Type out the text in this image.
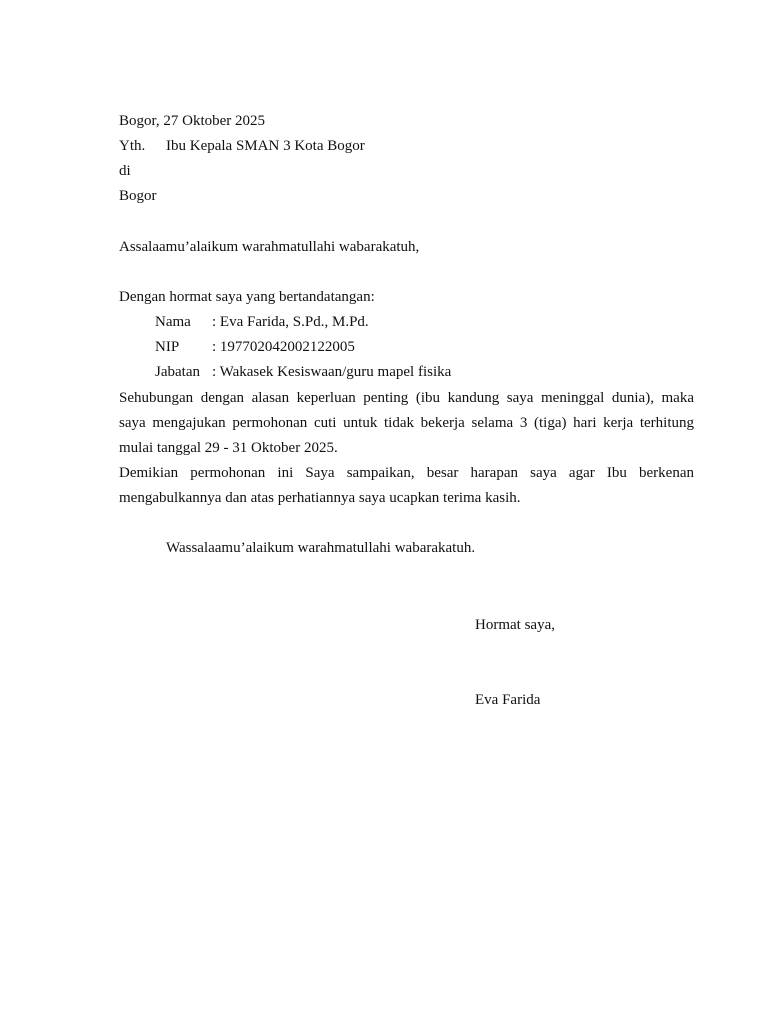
Bogor, 27 Oktober 2025
Yth. Ibu Kepala SMAN 3 Kota Bogor
di
Bogor
Assalaamu’alaikum warahmatullahi wabarakatuh,
Dengan hormat saya yang bertandatangan:
Nama : Eva Farida, S.Pd., M.Pd.
NIP : 197702042002122005
Jabatan : Wakasek Kesiswaan/guru mapel fisika
Sehubungan dengan alasan keperluan penting (ibu kandung saya meninggal dunia), maka
saya mengajukan permohonan cuti untuk tidak bekerja selama 3 (tiga) hari kerja terhitung
mulai tanggal 29 - 31 Oktober 2025.
Demikian permohonan ini Saya sampaikan, besar harapan saya agar Ibu berkenan
mengabulkannya dan atas perhatiannya saya ucapkan terima kasih.
Wassalaamu’alaikum warahmatullahi wabarakatuh.
Hormat saya,
Eva Farida
